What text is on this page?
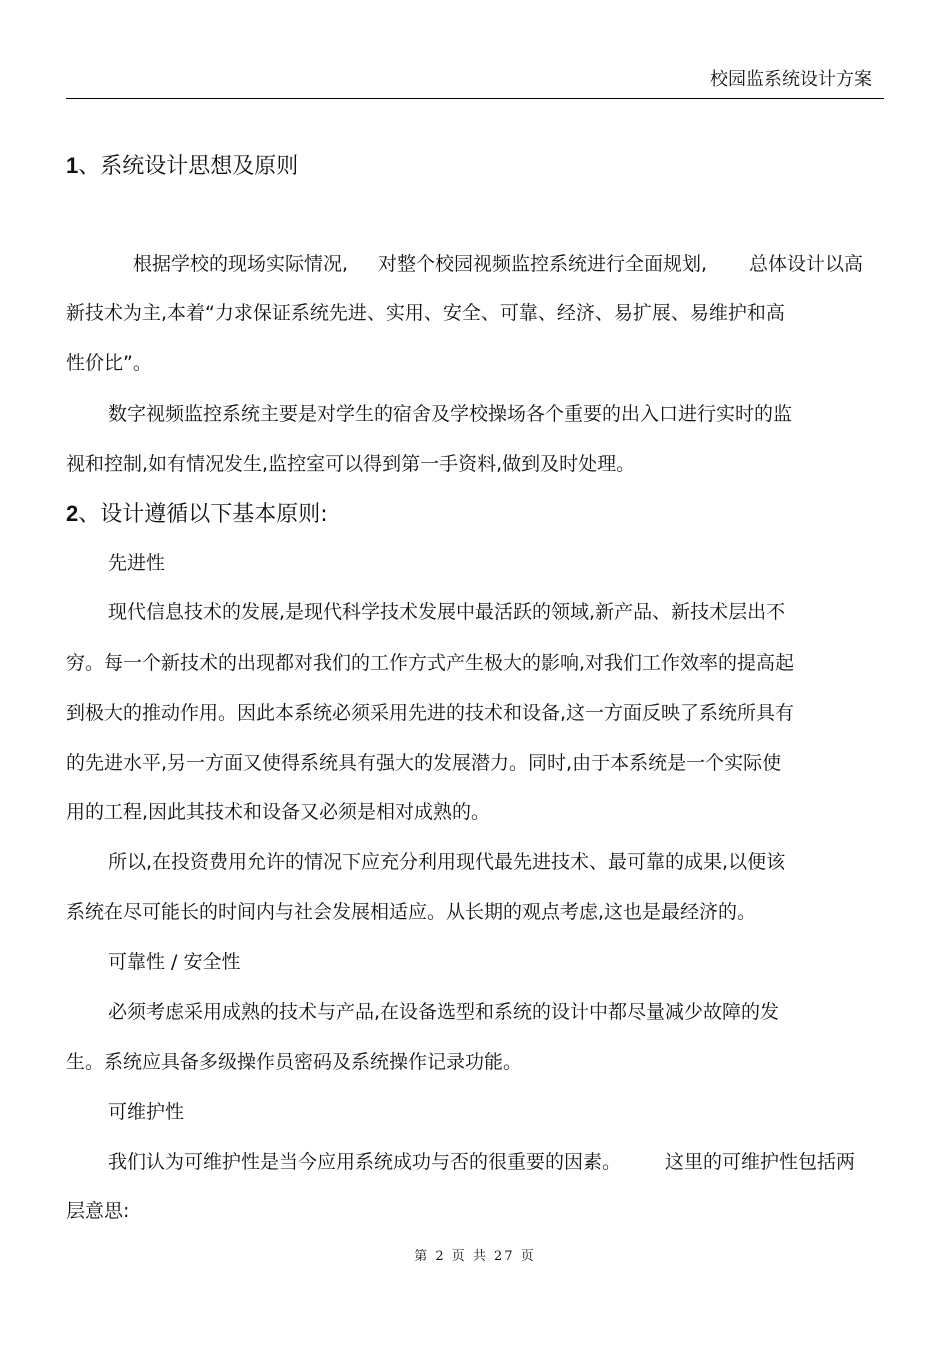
校园监系统设计方案
1、系统设计思想及原则
根据学校的现场实际情况, 对整个校园视频监控系统进行全面规划, 总体设计以高
新技术为主,本着“力求保证系统先进、实用、安全、可靠、经济、易扩展、易维护和高
性价比”。
数字视频监控系统主要是对学生的宿舍及学校操场各个重要的出入口进行实时的监
视和控制,如有情况发生,监控室可以得到第一手资料,做到及时处理。
2、设计遵循以下基本原则:
先进性
现代信息技术的发展,是现代科学技术发展中最活跃的领域,新产品、新技术层出不
穷。每一个新技术的出现都对我们的工作方式产生极大的影响,对我们工作效率的提高起
到极大的推动作用。因此本系统必须采用先进的技术和设备,这一方面反映了系统所具有
的先进水平,另一方面又使得系统具有强大的发展潜力。同时,由于本系统是一个实际使
用的工程,因此其技术和设备又必须是相对成熟的。
所以,在投资费用允许的情况下应充分利用现代最先进技术、最可靠的成果,以便该
系统在尽可能长的时间内与社会发展相适应。从长期的观点考虑,这也是最经济的。
可靠性 / 安全性
必须考虑采用成熟的技术与产品,在设备选型和系统的设计中都尽量减少故障的发
生。系统应具备多级操作员密码及系统操作记录功能。
可维护性
我们认为可维护性是当今应用系统成功与否的很重要的因素。 这里的可维护性包括两
层意思:
第 2 页 共 27 页
